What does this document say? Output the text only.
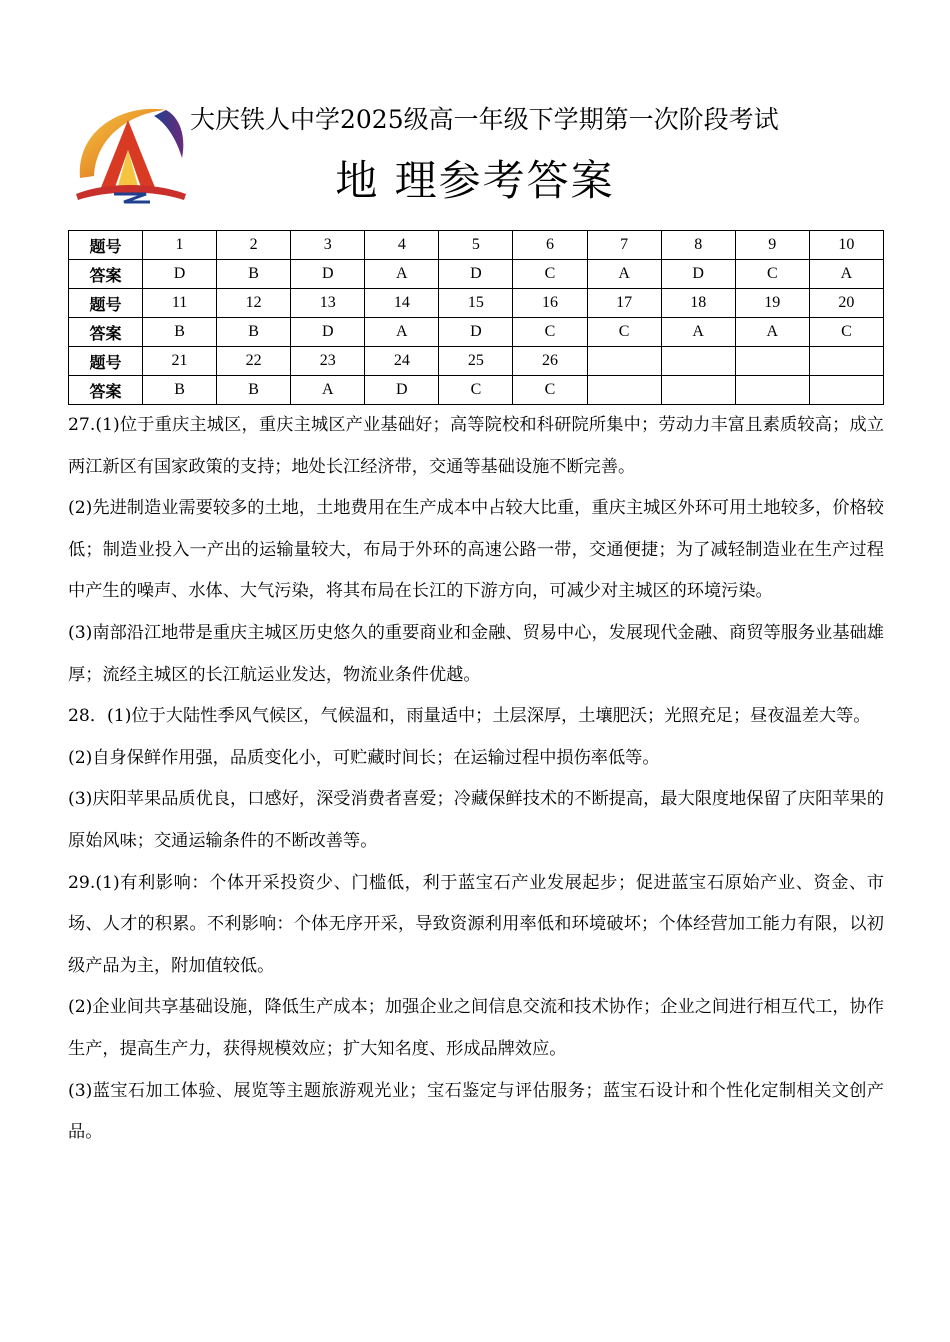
大庆铁人中学2025级高一年级下学期第一次阶段考试
地 理参考答案
题号	1	2	3	4	5	6	7	8	9	10
答案	D	B	D	A	D	C	A	D	C	A
题号	11	12	13	14	15	16	17	18	19	20
答案	B	B	D	A	D	C	C	A	A	C
题号	21	22	23	24	25	26				
答案	B	B	A	D	C	C				

27.(1)位于重庆主城区，重庆主城区产业基础好；高等院校和科研院所集中；劳动力丰富且素质较高；成立两江新区有国家政策的支持；地处长江经济带，交通等基础设施不断完善。

(2)先进制造业需要较多的土地，土地费用在生产成本中占较大比重，重庆主城区外环可用土地较多，价格较低；制造业投入一产出的运输量较大，布局于外环的高速公路一带，交通便捷；为了减轻制造业在生产过程中产生的噪声、水体、大气污染，将其布局在长江的下游方向，可减少对主城区的环境污染。

(3)南部沿江地带是重庆主城区历史悠久的重要商业和金融、贸易中心，发展现代金融、商贸等服务业基础雄厚；流经主城区的长江航运业发达，物流业条件优越。

28．(1)位于大陆性季风气候区，气候温和，雨量适中；土层深厚，土壤肥沃；光照充足；昼夜温差大等。

(2)自身保鲜作用强，品质变化小，可贮藏时间长；在运输过程中损伤率低等。

(3)庆阳苹果品质优良，口感好，深受消费者喜爱；冷藏保鲜技术的不断提高，最大限度地保留了庆阳苹果的原始风味；交通运输条件的不断改善等。

29.(1)有利影响：个体开采投资少、门槛低，利于蓝宝石产业发展起步；促进蓝宝石原始产业、资金、市场、人才的积累。不利影响：个体无序开采，导致资源利用率低和环境破坏；个体经营加工能力有限，以初级产品为主，附加值较低。

(2)企业间共享基础设施，降低生产成本；加强企业之间信息交流和技术协作；企业之间进行相互代工，协作生产，提高生产力，获得规模效应；扩大知名度、形成品牌效应。

(3)蓝宝石加工体验、展览等主题旅游观光业；宝石鉴定与评估服务；蓝宝石设计和个性化定制相关文创产品。
